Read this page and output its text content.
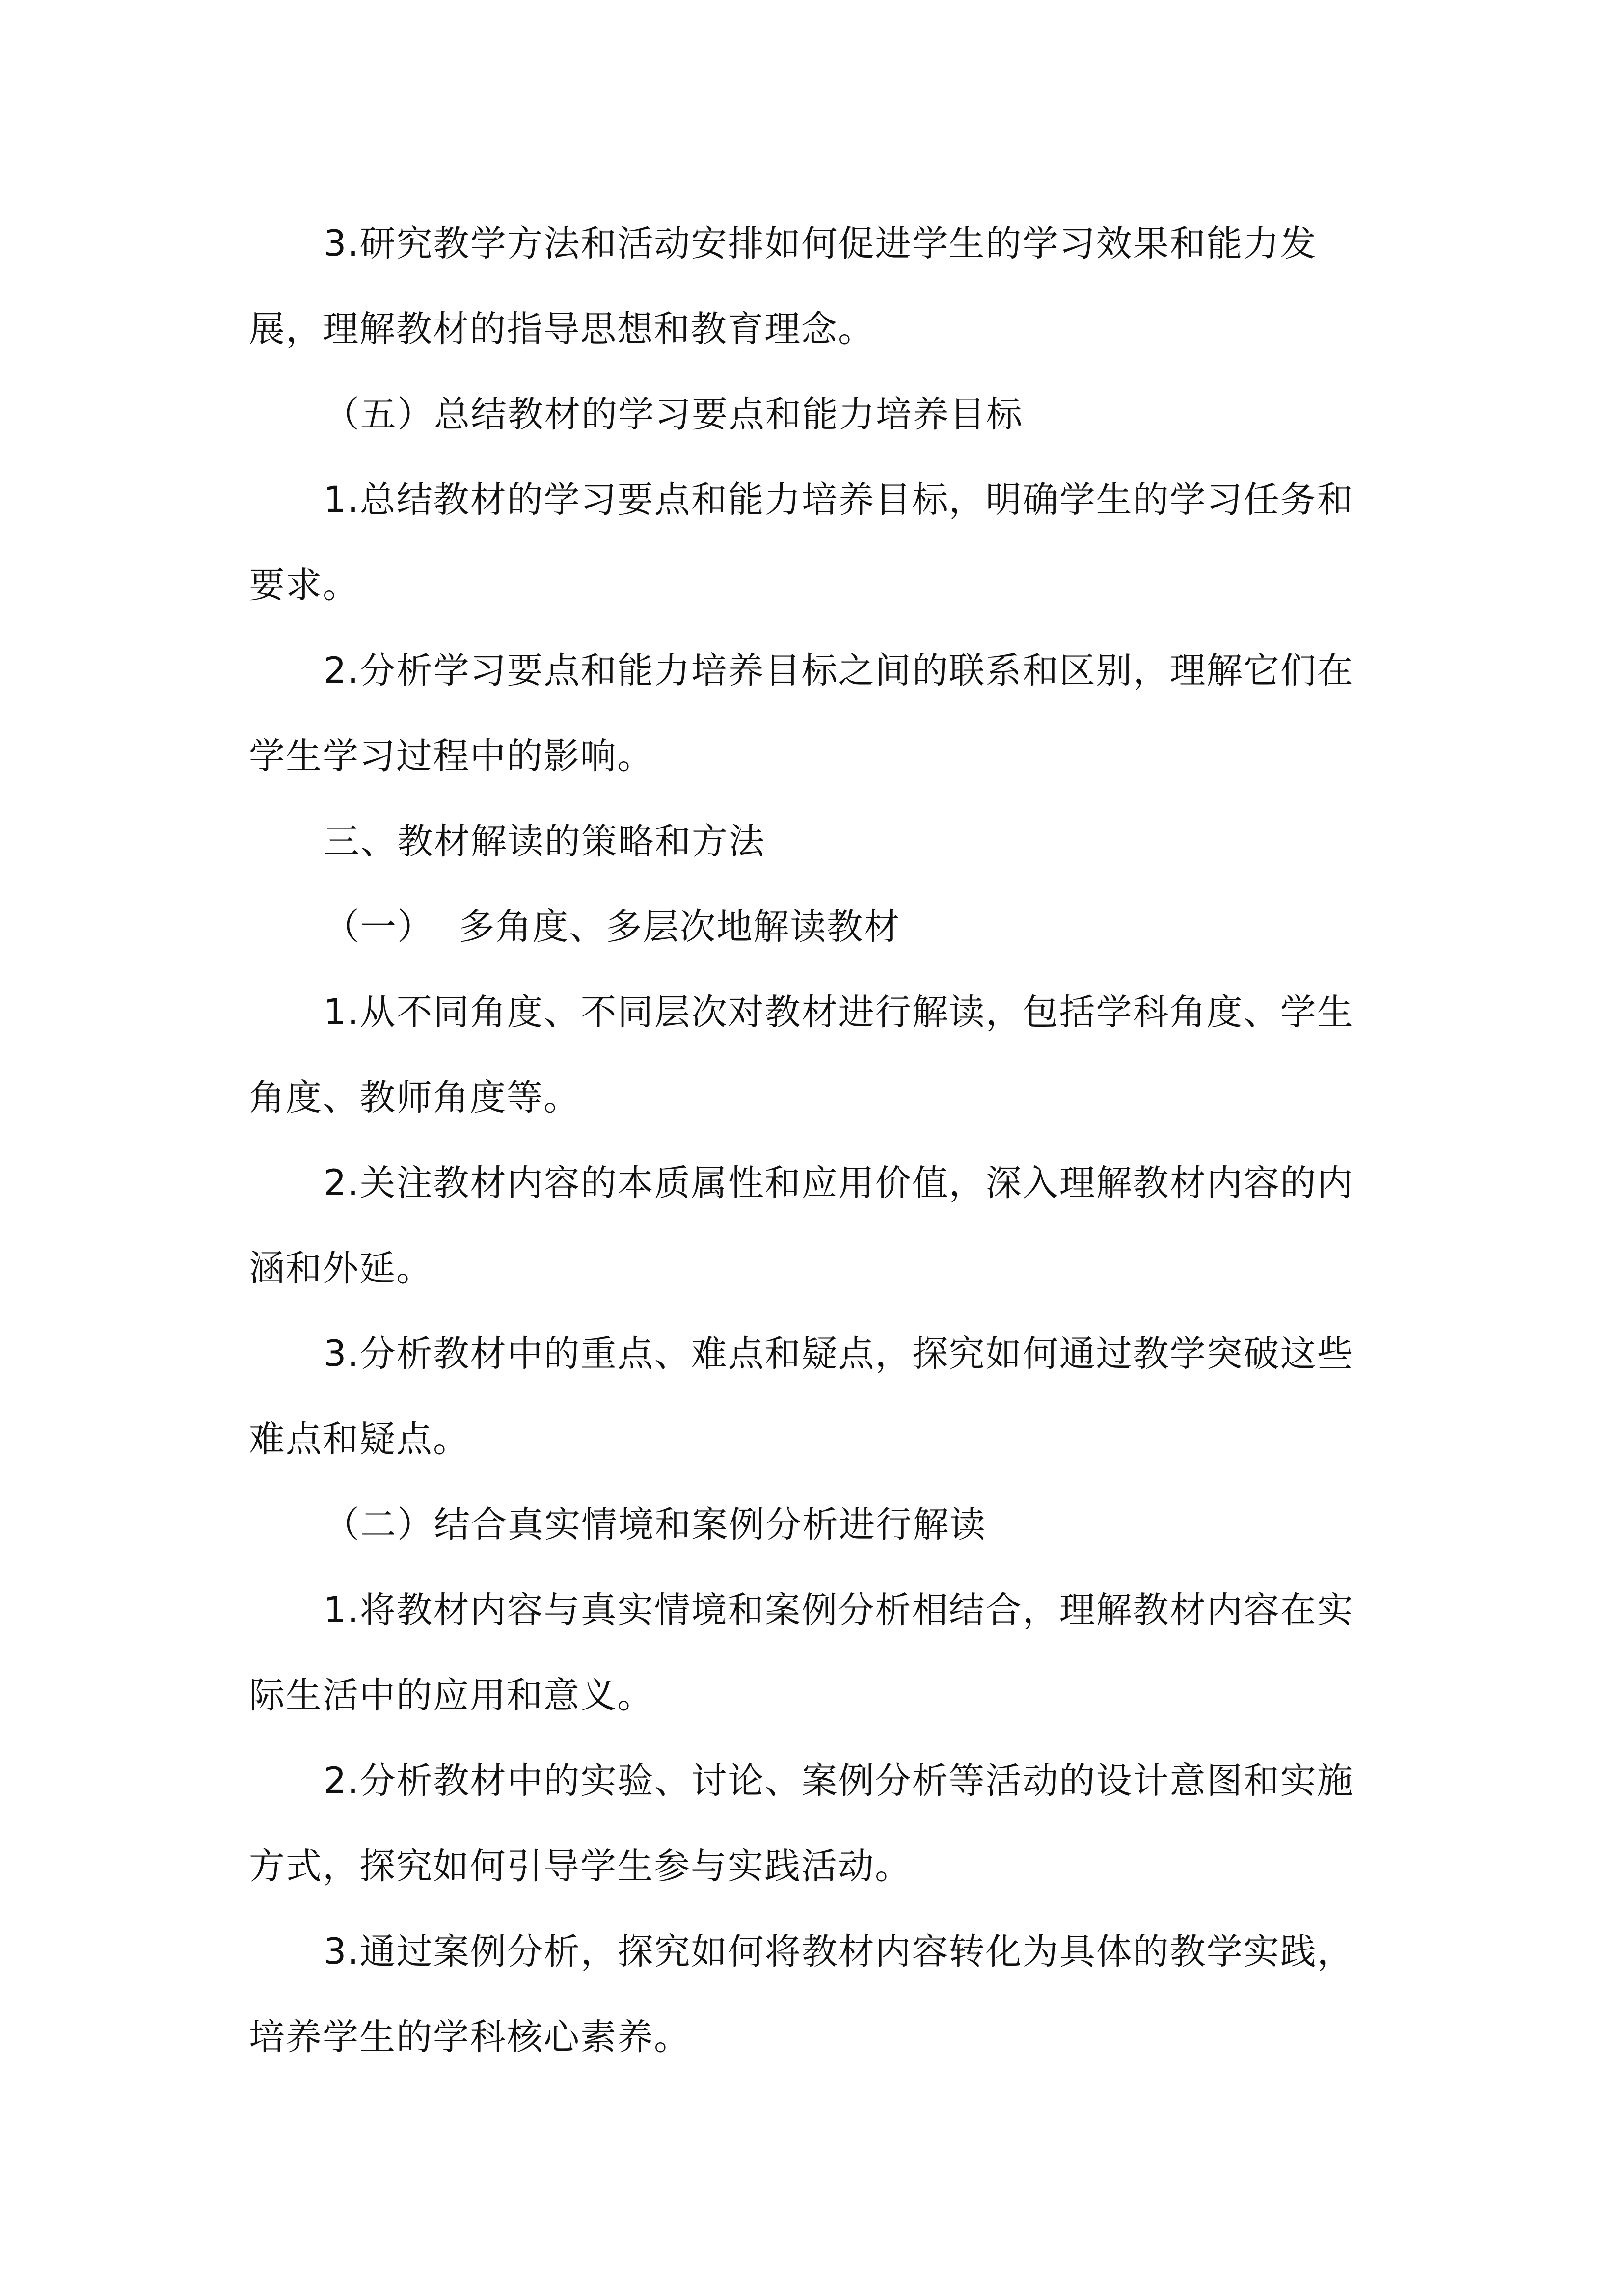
3.研究教学方法和活动安排如何促进学生的学习效果和能力发
展，理解教材的指导思想和教育理念。

（五）总结教材的学习要点和能力培养目标

1.总结教材的学习要点和能力培养目标，明确学生的学习任务和
要求。

2.分析学习要点和能力培养目标之间的联系和区别，理解它们在
学生学习过程中的影响。

三、教材解读的策略和方法

（一）  多角度、多层次地解读教材

1.从不同角度、不同层次对教材进行解读，包括学科角度、学生
角度、教师角度等。

2.关注教材内容的本质属性和应用价值，深入理解教材内容的内
涵和外延。

3.分析教材中的重点、难点和疑点，探究如何通过教学突破这些
难点和疑点。

（二）结合真实情境和案例分析进行解读

1.将教材内容与真实情境和案例分析相结合，理解教材内容在实
际生活中的应用和意义。

2.分析教材中的实验、讨论、案例分析等活动的设计意图和实施
方式，探究如何引导学生参与实践活动。

3.通过案例分析，探究如何将教材内容转化为具体的教学实践，
培养学生的学科核心素养。
